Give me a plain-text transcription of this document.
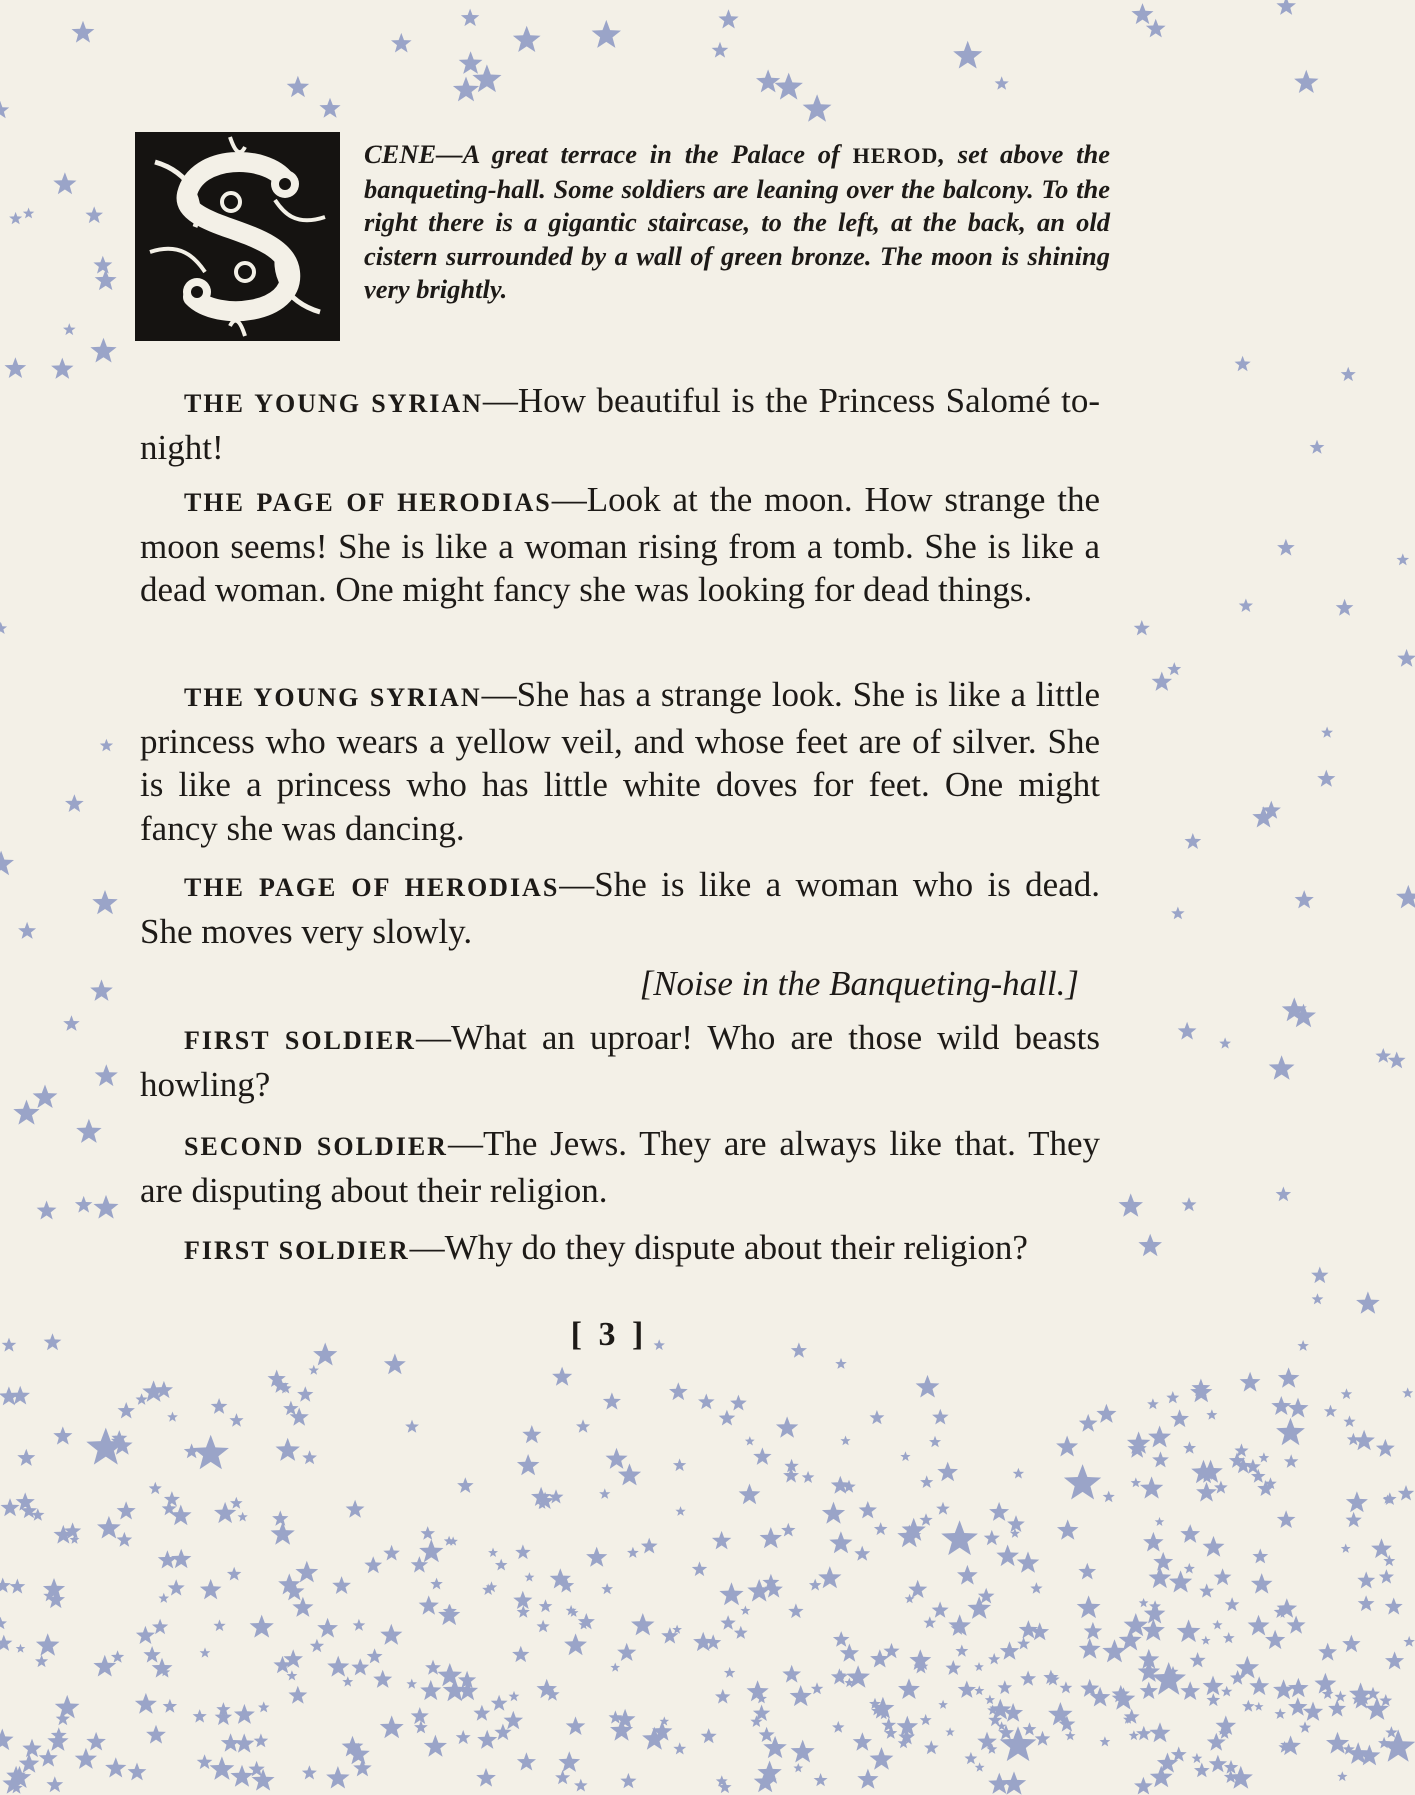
CENE—A great terrace in the Palace of HEROD, set above the banqueting-hall. Some soldiers are leaning over the balcony. To the right there is a gigantic staircase, to the left, at the back, an old cistern surrounded by a wall of green bronze. The moon is shining very brightly.
THE YOUNG SYRIAN—How beautiful is the Princess Salomé to-night!
THE PAGE OF HERODIAS—Look at the moon. How strange the moon seems! She is like a woman rising from a tomb. She is like a dead woman. One might fancy she was looking for dead things.
THE YOUNG SYRIAN—She has a strange look. She is like a little princess who wears a yellow veil, and whose feet are of silver. She is like a princess who has little white doves for feet. One might fancy she was dancing.
THE PAGE OF HERODIAS—She is like a woman who is dead. She moves very slowly.
[Noise in the Banqueting-hall.]
FIRST SOLDIER—What an uproar! Who are those wild beasts howling?
SECOND SOLDIER—The Jews. They are always like that. They are disputing about their religion.
FIRST SOLDIER—Why do they dispute about their religion?
[ 3 ]
